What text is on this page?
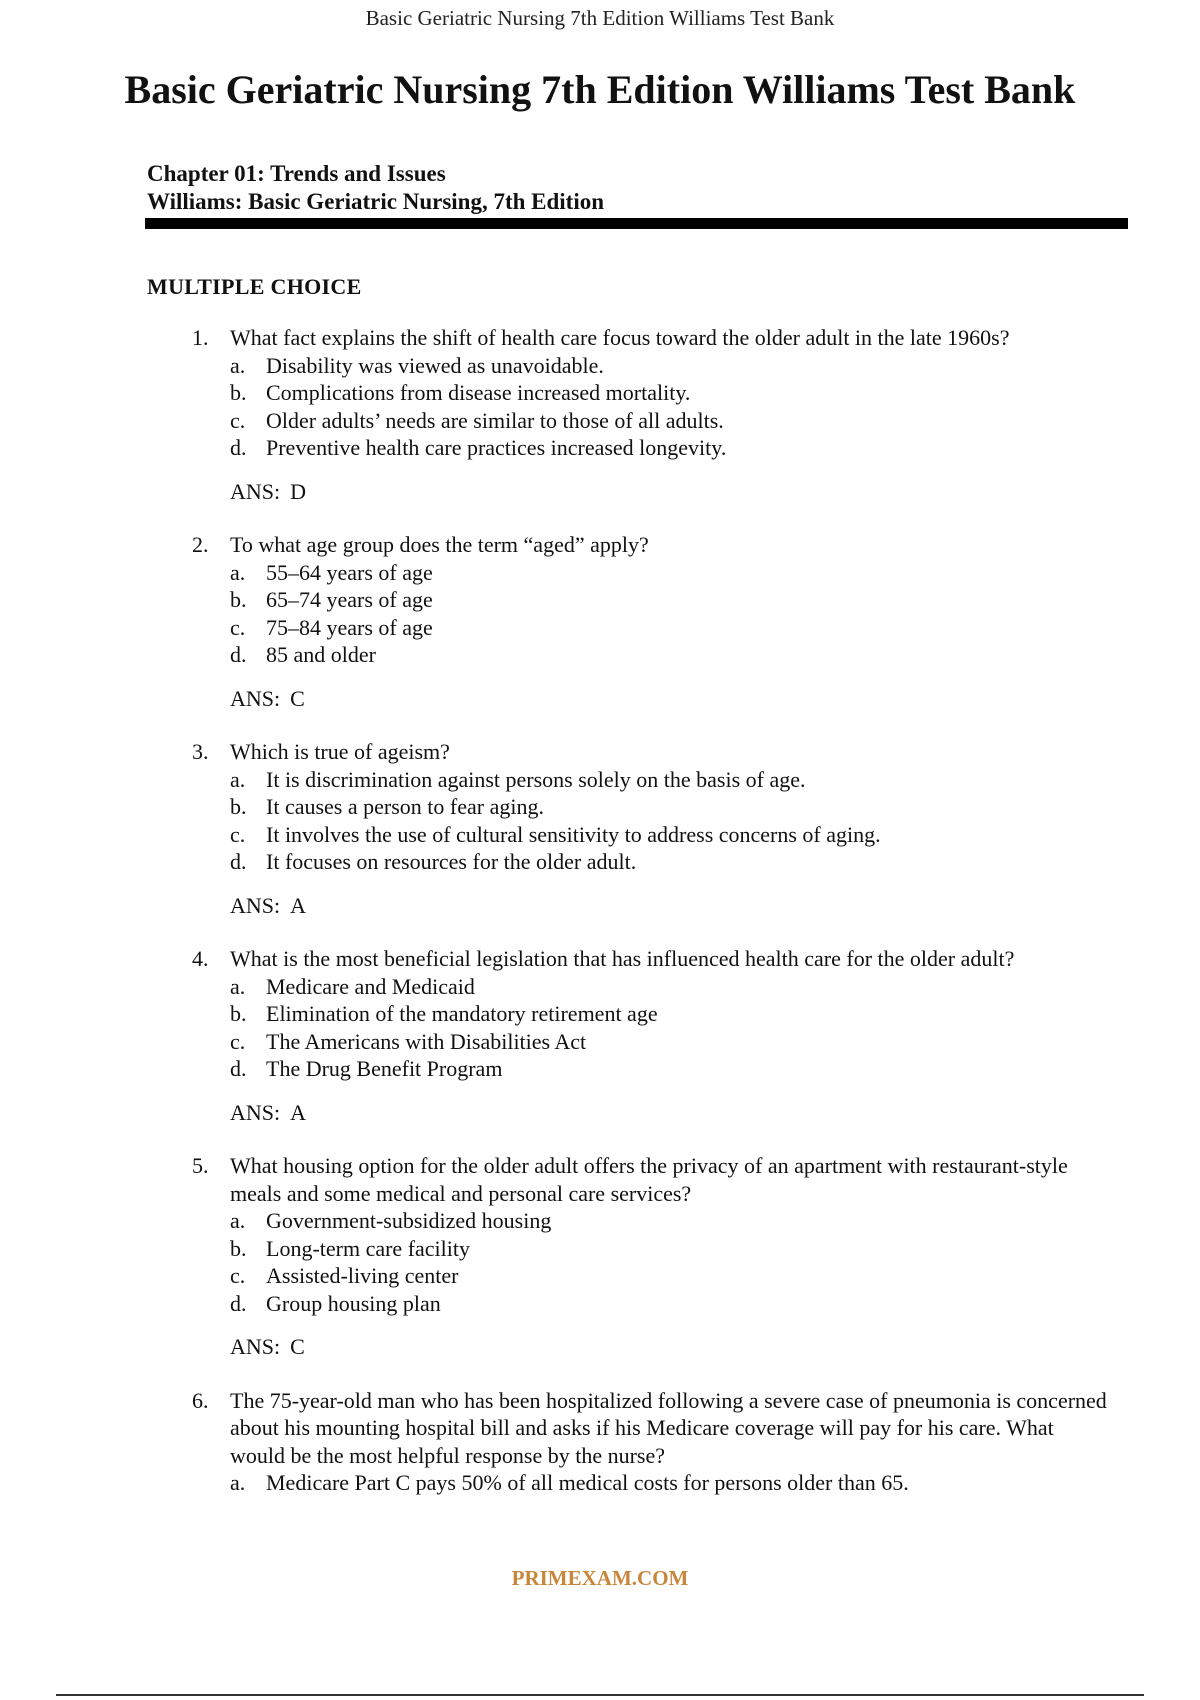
Basic Geriatric Nursing 7th Edition Williams Test Bank
Basic Geriatric Nursing 7th Edition Williams Test Bank
Chapter 01: Trends and Issues
Williams: Basic Geriatric Nursing, 7th Edition
MULTIPLE CHOICE
1. What fact explains the shift of health care focus toward the older adult in the late 1960s?
a. Disability was viewed as unavoidable.
b. Complications from disease increased mortality.
c. Older adults’ needs are similar to those of all adults.
d. Preventive health care practices increased longevity.
ANS: D
2. To what age group does the term “aged” apply?
a. 55–64 years of age
b. 65–74 years of age
c. 75–84 years of age
d. 85 and older
ANS: C
3. Which is true of ageism?
a. It is discrimination against persons solely on the basis of age.
b. It causes a person to fear aging.
c. It involves the use of cultural sensitivity to address concerns of aging.
d. It focuses on resources for the older adult.
ANS: A
4. What is the most beneficial legislation that has influenced health care for the older adult?
a. Medicare and Medicaid
b. Elimination of the mandatory retirement age
c. The Americans with Disabilities Act
d. The Drug Benefit Program
ANS: A
5. What housing option for the older adult offers the privacy of an apartment with restaurant-style meals and some medical and personal care services?
a. Government-subsidized housing
b. Long-term care facility
c. Assisted-living center
d. Group housing plan
ANS: C
6. The 75-year-old man who has been hospitalized following a severe case of pneumonia is concerned about his mounting hospital bill and asks if his Medicare coverage will pay for his care. What would be the most helpful response by the nurse?
a. Medicare Part C pays 50% of all medical costs for persons older than 65.
PRIMEXAM.COM
